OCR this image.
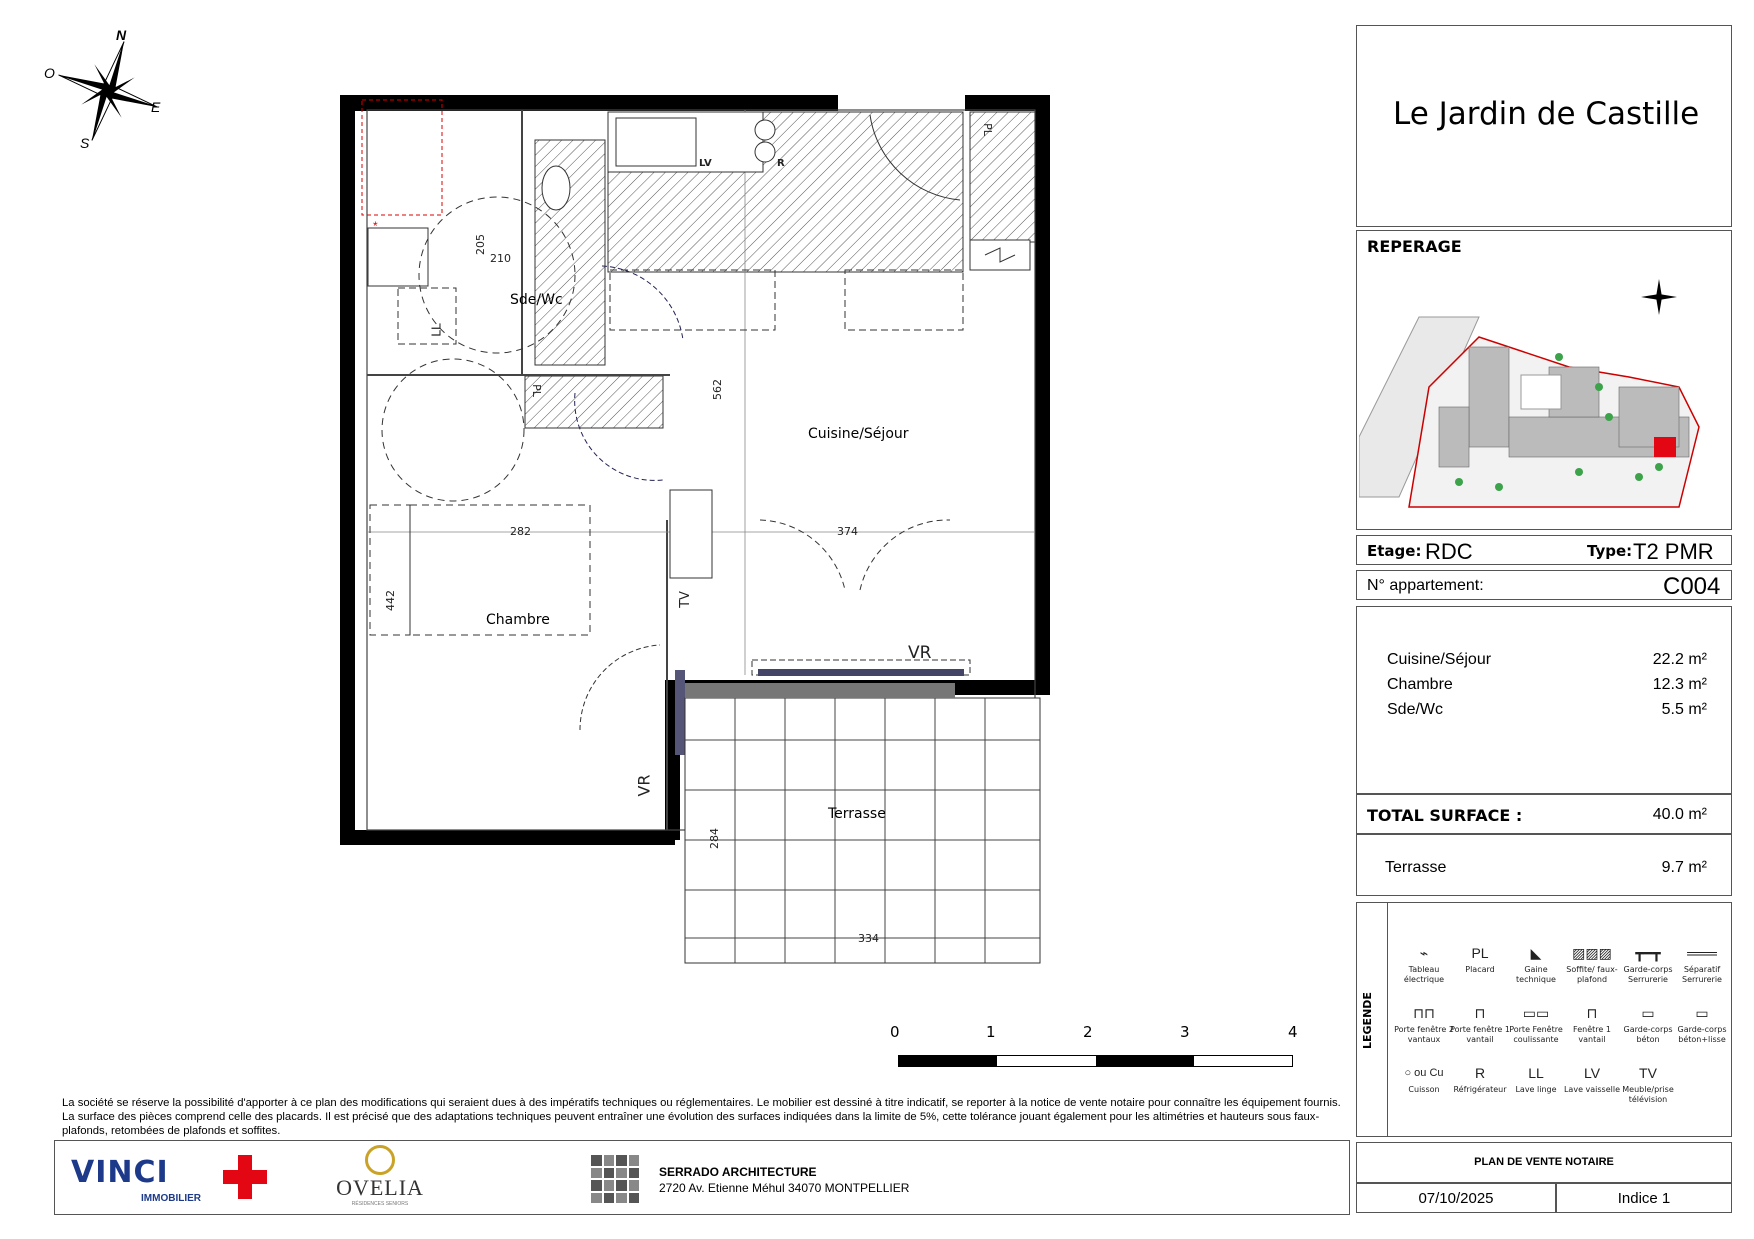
N
O
E
S
*
Sde/Wc
Cuisine/Séjour
Chambre
Terrasse
210
205
562
282	374
442
284
334
LV	R
LL
PL
PL
TV
VR
VR
0	1	2	3	4
La société se réserve la possibilité d'apporter à ce plan des modifications qui seraient dues à des impératifs techniques ou réglementaires. Le mobilier est dessiné à titre indicatif, se reporter à la notice de vente notaire pour connaître les équipement fournis. La surface des pièces comprend celle des placards. Il est précisé que des adaptations techniques peuvent entraîner une évolution des surfaces indiquées dans la limite de 5%, cette tolérance jouant également pour les altimétries et hauteurs sous faux-plafonds, retombées de plafonds et soffites.
VINCI
IMMOBILIER	OVELIA
RÉSIDENCES SENIORS
SERRADO ARCHITECTURE
2720 Av. Etienne Méhul 34070 MONTPELLIER
Le Jardin de Castille
REPERAGE
Etage: RDC	Type: T2 PMR
N° appartement:	C004
Cuisine/Séjour	22.2 m²
Chambre	12.3 m²
Sde/Wc	5.5 m²
TOTAL SURFACE :	40.0 m²
Terrasse	9.7 m²
LEGENDE
⌁
Tableau électrique
PL
Placard
◣
Gaine technique
▨▨▨
Soffite/ faux-plafond
┳━┳
Garde-corps Serrurerie
═══
Séparatif Serrurerie
⊓⊓
Porte fenêtre 2 vantaux
⊓
Porte fenêtre 1 vantail
▭▭
Porte Fenêtre coulissante
⊓
Fenêtre 1 vantail
▭
Garde-corps béton
▭
Garde-corps béton+lisse
○ ou Cu
Cuisson
R
Réfrigérateur
LL
Lave linge
LV
Lave vaisselle
TV
Meuble/prise télévision
PLAN DE VENTE NOTAIRE
07/10/2025	Indice 1
